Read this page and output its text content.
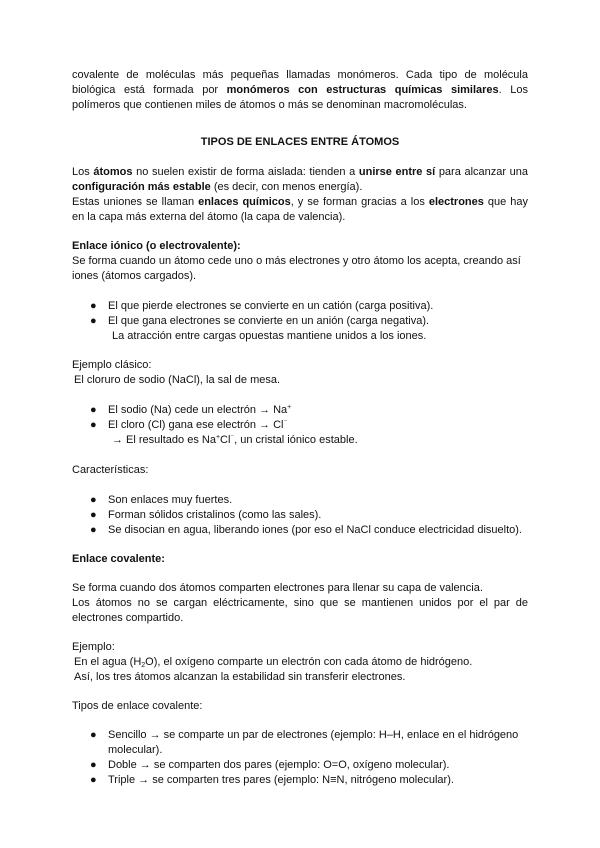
covalente de moléculas más pequeñas llamadas monómeros. Cada tipo de molécula biológica está formada por monómeros con estructuras químicas similares. Los polímeros que contienen miles de átomos o más se denominan macromoléculas.

TIPOS DE ENLACES ENTRE ÁTOMOS

Los átomos no suelen existir de forma aislada: tienden a unirse entre sí para alcanzar una configuración más estable (es decir, con menos energía).

Estas uniones se llaman enlaces químicos, y se forman gracias a los electrones que hay en la capa más externa del átomo (la capa de valencia).

Enlace iónico (o electrovalente):

Se forma cuando un átomo cede uno o más electrones y otro átomo los acepta, creando así iones (átomos cargados).

● El que pierde electrones se convierte en un catión (carga positiva).
● El que gana electrones se convierte en un anión (carga negativa).

La atracción entre cargas opuestas mantiene unidos a los iones.

Ejemplo clásico:

El cloruro de sodio (NaCl), la sal de mesa.

● El sodio (Na) cede un electrón → Na+
● El cloro (Cl) gana ese electrón → Cl⁻

→ El resultado es Na+Cl⁻, un cristal iónico estable.

Características:

● Son enlaces muy fuertes.
● Forman sólidos cristalinos (como las sales).
● Se disocian en agua, liberando iones (por eso el NaCl conduce electricidad disuelto).

Enlace covalente:

Se forma cuando dos átomos comparten electrones para llenar su capa de valencia.

Los átomos no se cargan eléctricamente, sino que se mantienen unidos por el par de electrones compartido.

Ejemplo:

En el agua $(H_2O)$, el oxígeno comparte un electrón con cada átomo de hidrógeno.

Así, los tres átomos alcanzan la estabilidad sin transferir electrones.

Tipos de enlace covalente:

● Sencillo → se comparte un par de electrones (ejemplo: H–H, enlace en el hidrógeno molecular).
● Doble → se comparten dos pares (ejemplo: O=O, oxígeno molecular).
● Triple → se comparten tres pares (ejemplo: N≡N, nitrógeno molecular).
